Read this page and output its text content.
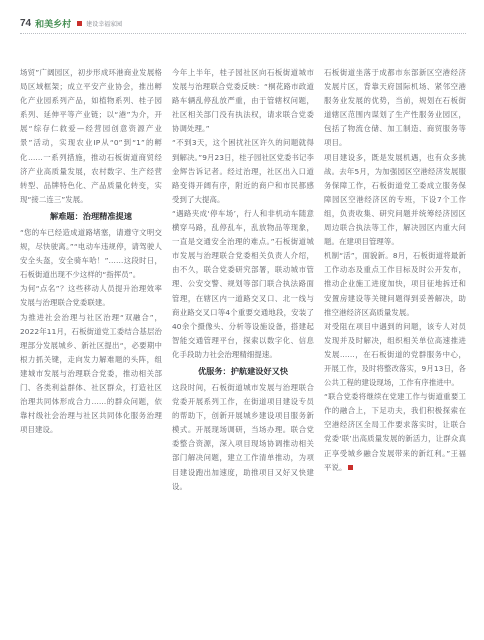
74 和美乡村	建设幸福家园

场贸”广阔园区，初步形成环港商业发展格局区域框架；成立平安产业协会，推出孵化产业园系列产品，如植物系列、桂子园系列、延伸平等产业链；以“港”为介，开展“综存仁救爱—经营园创意资源产业景”活动，实现农业IP从“0”到“1”的孵化……一系列措施，推动石板街道商贸经济产业高质量发展，农村数字、生产经营转型、品牌特色化、产品质量化转变，实现“接二连三”发展。

解难题：治理精准提速

“您的车已经造成道路堵塞，请遵守文明交规，尽快驶离。”“电动车违规停，请驾驶人安全头盔，安全骑车哈！”……这段时日，石板街道出现不少这样的“指挥员”。

为何“点名”？这些移动人员提升治理效率发展与治理联合党委联建。

为推进社会治理与社区治理“双融合”，2022年11月，石板街道党工委结合基层治理部分发展城乡、新社区提出“，必要期中根力抓关键，走向发力解难题的头阵，组建城市发展与治理联合党委，推动相关部门、各类利益群体、社区群众，打造社区治理共同体形成合力……的群众问题，依靠村级社会治理与社区共同体化服务治理项目建设。

今年上半年，桂子园社区向石板街道城市发展与治理联合党委反映：“桐花路市政道路车辆乱停乱放严重，由于管辖权问题，社区相关部门没有执法权，请求联合党委协调处理。”

“不到3天，这个困扰社区许久的问题就得到解决。”9月23日，桂子园社区党委书记李金辉告诉记者。经过治理，社区出入口道路变得开阔有序，附近的商户和市民都感受到了大提高。

“遇路夹成‘停车场’，行人和非机动车随意横穿马路，乱停乱车，乱放物品等现象，一直是交通安全治理的难点。”石板街道城市发展与治理联合党委相关负责人介绍，由不久，联合党委研究部署，联动城市管理、公安交警、规划等部门联合执法路面管理，在辖区内一道路交叉口、北一线与商业路交叉口等4个重要交通地段，安装了40余个摄像头、分析等设施设备，搭建起智能交通管理平台，探索以数字化、信息化手段助力社会治理精细提速。

优服务：护航建设好又快

这段时间，石板街道城市发展与治理联合党委开展系列工作，在街道项目建设专员的帮助下，创新开展城乡建设项目服务新模式。开展现场调研，当场办理。联合党委整合资源，深入项目现场协调推动相关部门解决问题，建立工作清单推动，为项目建设跑出加速度，助推项目又好又快建设。

石板街道坐落于成都市东部新区空港经济发展片区，背靠天府国际机场、紧邻空港服务业发展的优势，当前，规划在石板街道辖区范围内谋划了生产性服务业园区，包括了物流仓储、加工制造、商贸服务等项目。

项目建设多，既是发展机遇，也有众多挑战。去年5月，为加强园区空港经济发展服务保障工作，石板街道党工委成立服务保障园区空港经济区的专班，下设7个工作组，负责收集、研究问题并统筹经济园区周边联合执法等工作，解决园区内重大问题。在建项目管理等。

机制“活”，面貌新。8月，石板街道将最新工作动态及重点工作目标及时公开发布，推动企业施工进度加快，项目征地拆迁和安置房建设等关键问题得到妥善解决，助推空港经济区高质量发展。

对受阻在项目中遇到的问题，该专人对员发现并及时解决，组织相关单位高速推进发展……，在石板街道的党群服务中心，开展工作，及时将整改落实，9月13日，各公共工程的建设现场，工作有序推进中。

“联合党委将继续在党建工作与街道重要工作的融合上，下足功夫，我们积极探索在空港经济区全局工作要求落实时，让联合党委‘联’出高质量发展的新活力，让群众真正享受城乡融合发展带来的新红利。”王福平说。
